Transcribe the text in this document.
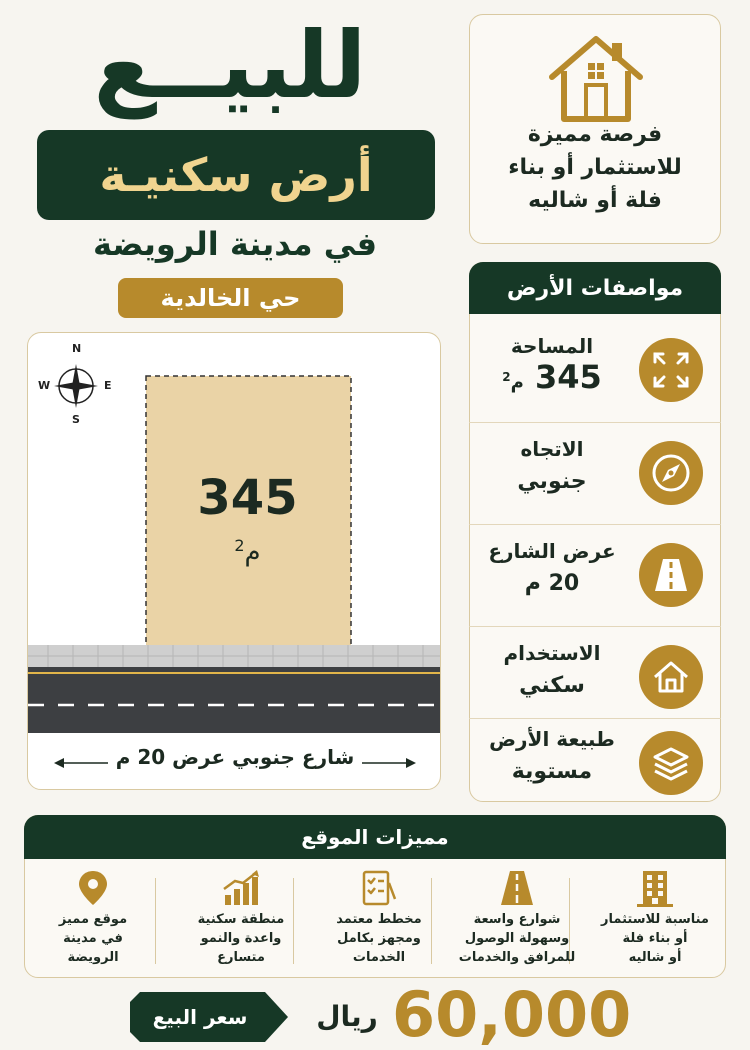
للبيــع
أرض سكنيـة
في مدينة الرويضة
حي الخالدية
N
S
E
W
345
م$^2$
شارع جنوبي عرض 20 م
فرصة مميزة
للاستثمار أو بناء
فلة أو شاليه
مواصفات الأرض
المساحة
345 م$^2$
الاتجاه
جنوبي
عرض الشارع
20 م
الاستخدام
سكني
طبيعة الأرض
مستوية
مميزات الموقع
مناسبة للاستثمار
أو بناء فلة
أو شاليه
شوارع واسعة
وسهولة الوصول
للمرافق والخدمات
مخطط معتمد
ومجهز بكامل
الخدمات
منطقة سكنية
واعدة والنمو
متسارع
موقع مميز
في مدينة
الرويضة
سعر البيع	ريال 60,000
